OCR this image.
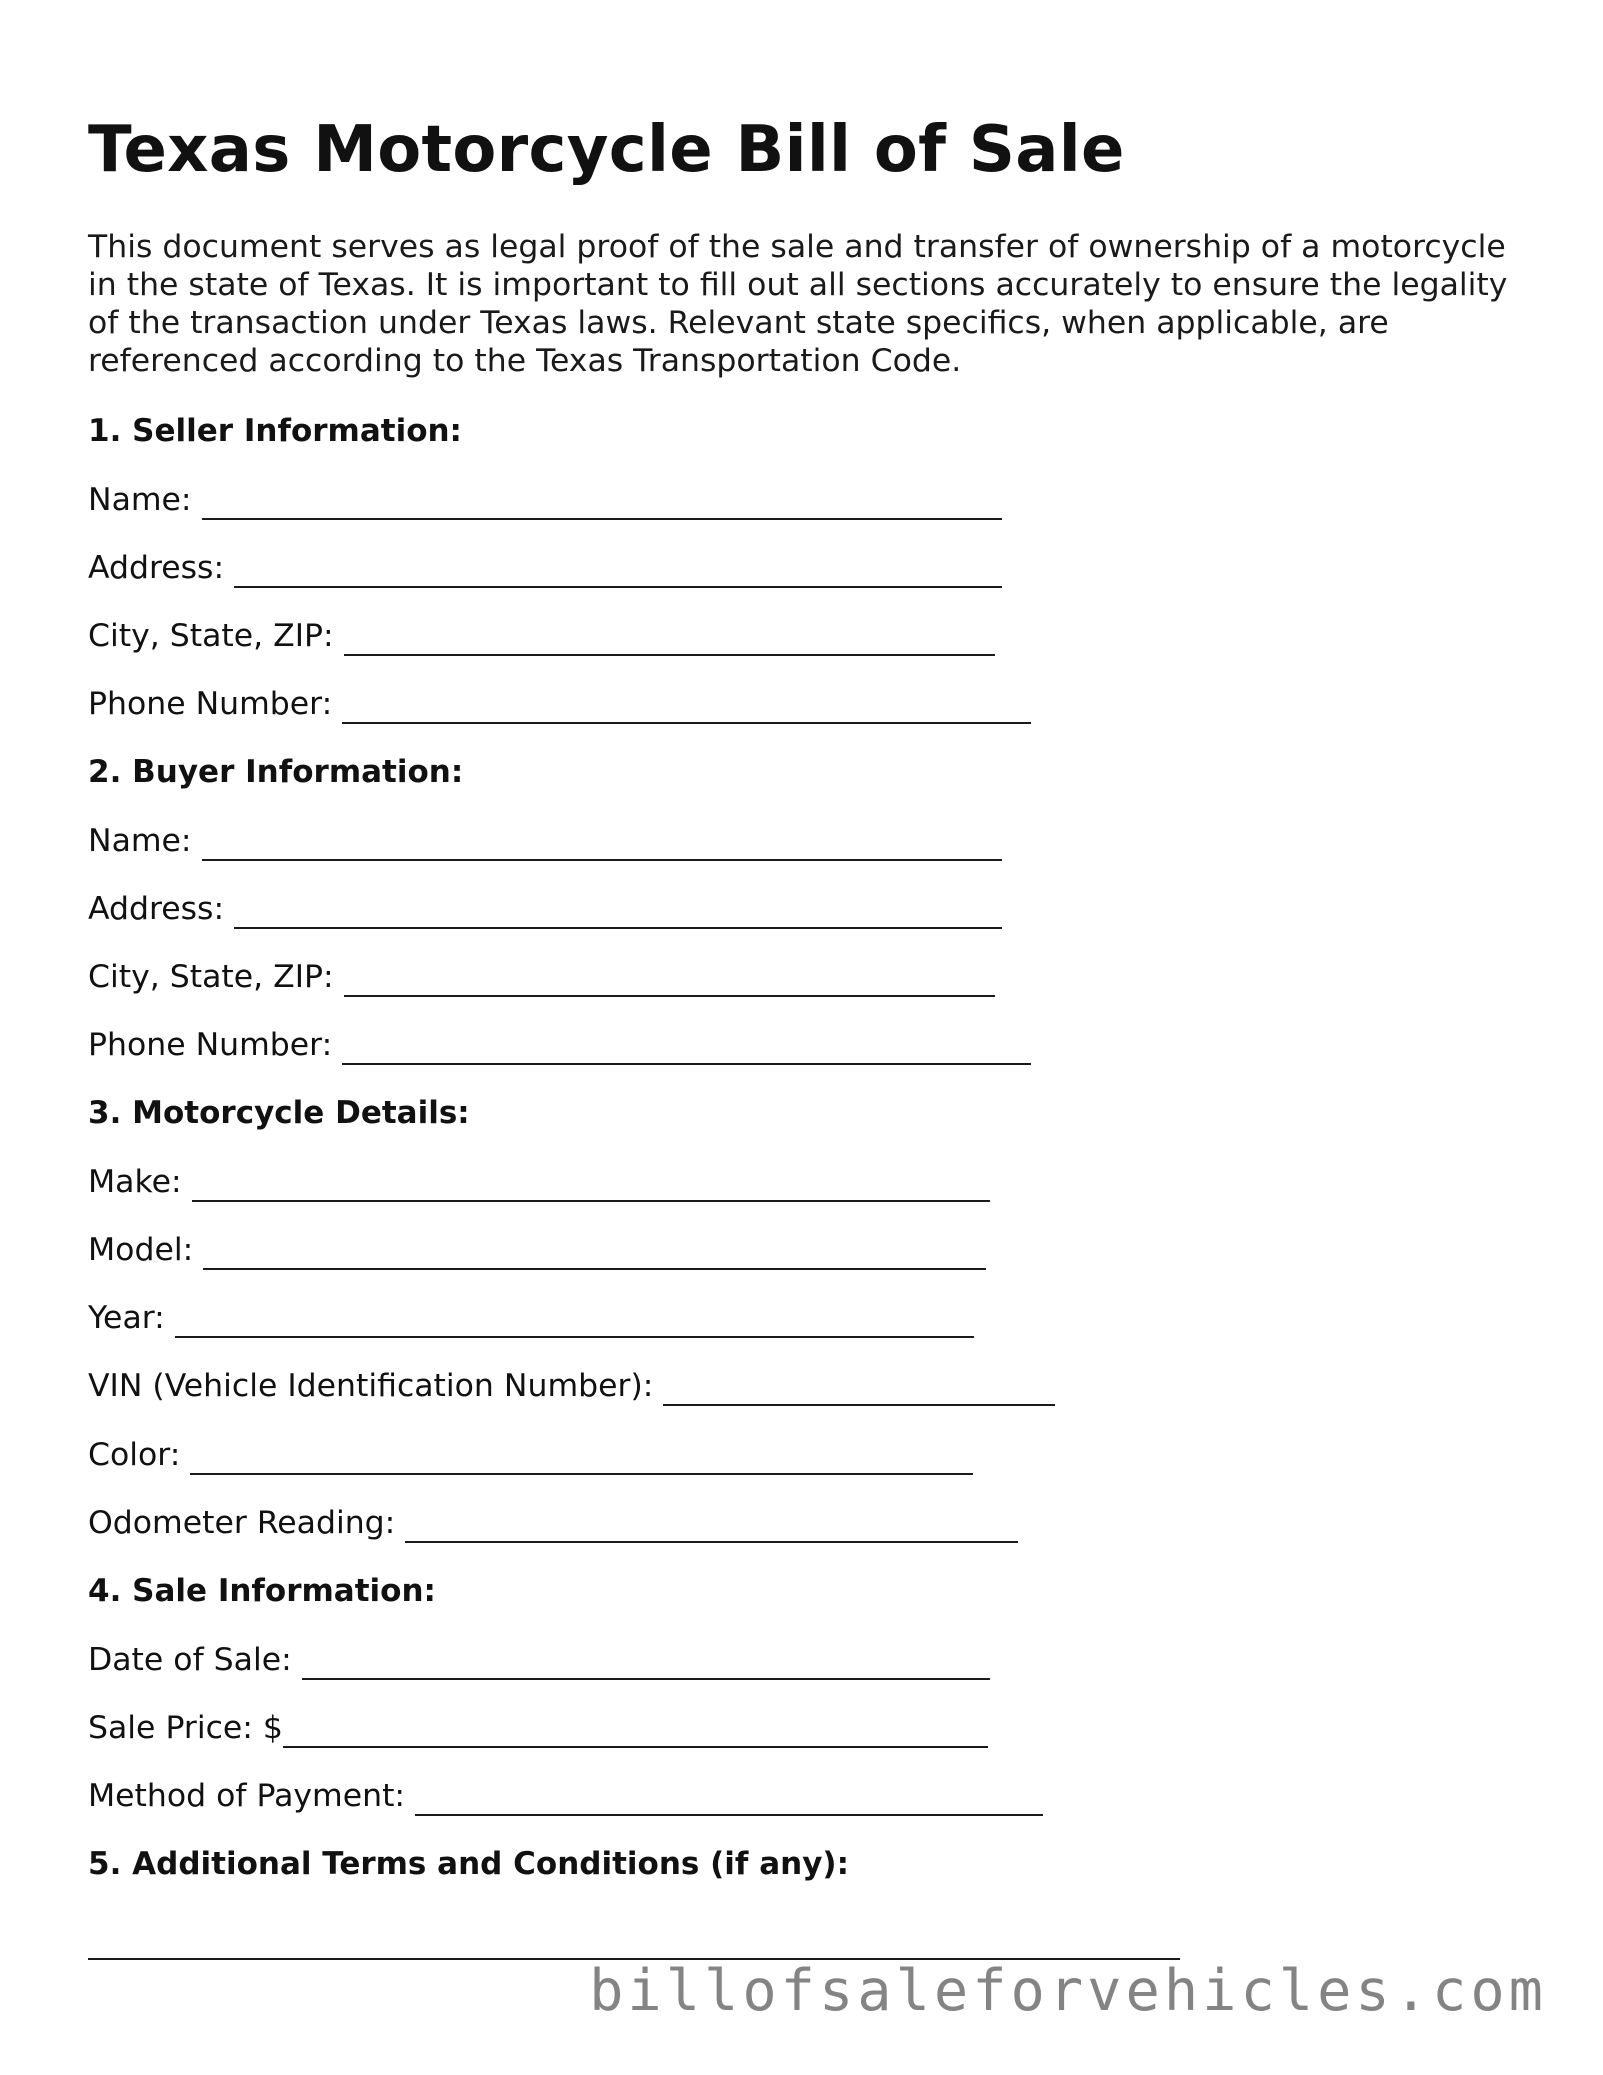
Texas Motorcycle Bill of Sale
This document serves as legal proof of the sale and transfer of ownership of a motorcycle
in the state of Texas. It is important to fill out all sections accurately to ensure the legality
of the transaction under Texas laws. Relevant state specifics, when applicable, are
referenced according to the Texas Transportation Code.
1. Seller Information:
Name:
Address:
City, State, ZIP:
Phone Number:
2. Buyer Information:
Name:
Address:
City, State, ZIP:
Phone Number:
3. Motorcycle Details:
Make:
Model:
Year:
VIN (Vehicle Identification Number):
Color:
Odometer Reading:
4. Sale Information:
Date of Sale:
Sale Price: $
Method of Payment:
5. Additional Terms and Conditions (if any):
billofsaleforvehicles.com
